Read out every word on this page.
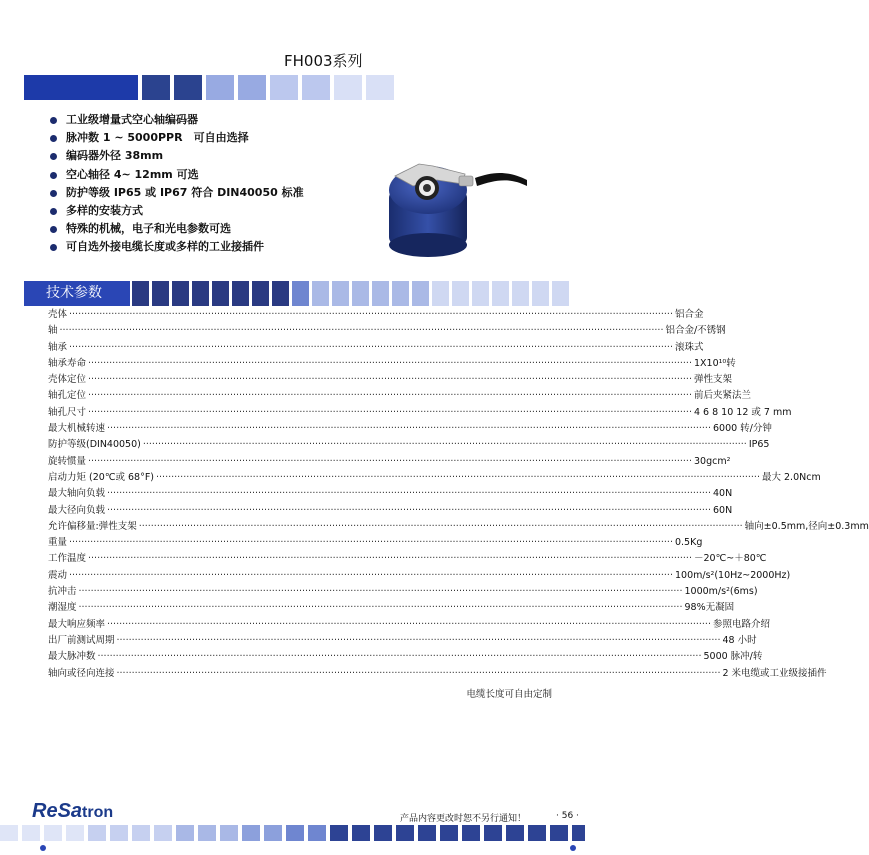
FH003系列
工业级增量式空心轴编码器
脉冲数 1 ~ 5000PPR　可自由选择
编码器外径 38mm
空心轴径 4~ 12mm 可选
防护等级 IP65 或 IP67 符合 DIN40050 标准
多样的安装方式
特殊的机械，电子和光电参数可选
可自选外接电缆长度或多样的工业接插件
技术参数
壳体 ········································································································································································································ 铝合金
轴 ········································································································································································································ 铝合金/不锈钢
轴承 ········································································································································································································ 滚珠式
轴承寿命 ········································································································································································································ 1X10¹⁰转
壳体定位 ········································································································································································································ 弹性支架
轴孔定位 ········································································································································································································ 前后夹紧法兰
轴孔尺寸 ········································································································································································································ 4 6 8 10 12 或 7 mm
最大机械转速 ········································································································································································································ 6000 转/分钟
防护等级(DIN40050) ········································································································································································································ IP65
旋转惯量 ········································································································································································································ 30gcm²
启动力矩 (20℃或 68°F) ········································································································································································································ 最大 2.0Ncm
最大轴向负载 ········································································································································································································ 40N
最大径向负载 ········································································································································································································ 60N
允许偏移量:弹性支架 ········································································································································································································ 轴向±0.5mm,径向±0.3mm
重量 ········································································································································································································ 0.5Kg
工作温度 ········································································································································································································ －20℃~＋80℃
震动 ········································································································································································································ 100m/s²(10Hz~2000Hz)
抗冲击 ········································································································································································································ 1000m/s²(6ms)
潮湿度 ········································································································································································································ 98%无凝固
最大响应频率 ········································································································································································································ 参照电路介绍
出厂前测试周期 ········································································································································································································ 48 小时
最大脉冲数 ········································································································································································································ 5000 脉冲/转
轴向或径向连接 ········································································································································································································ 2 米电缆或工业级接插件
电缆长度可自由定制
ReSatron	产品内容更改时恕不另行通知！	· 56 ·
